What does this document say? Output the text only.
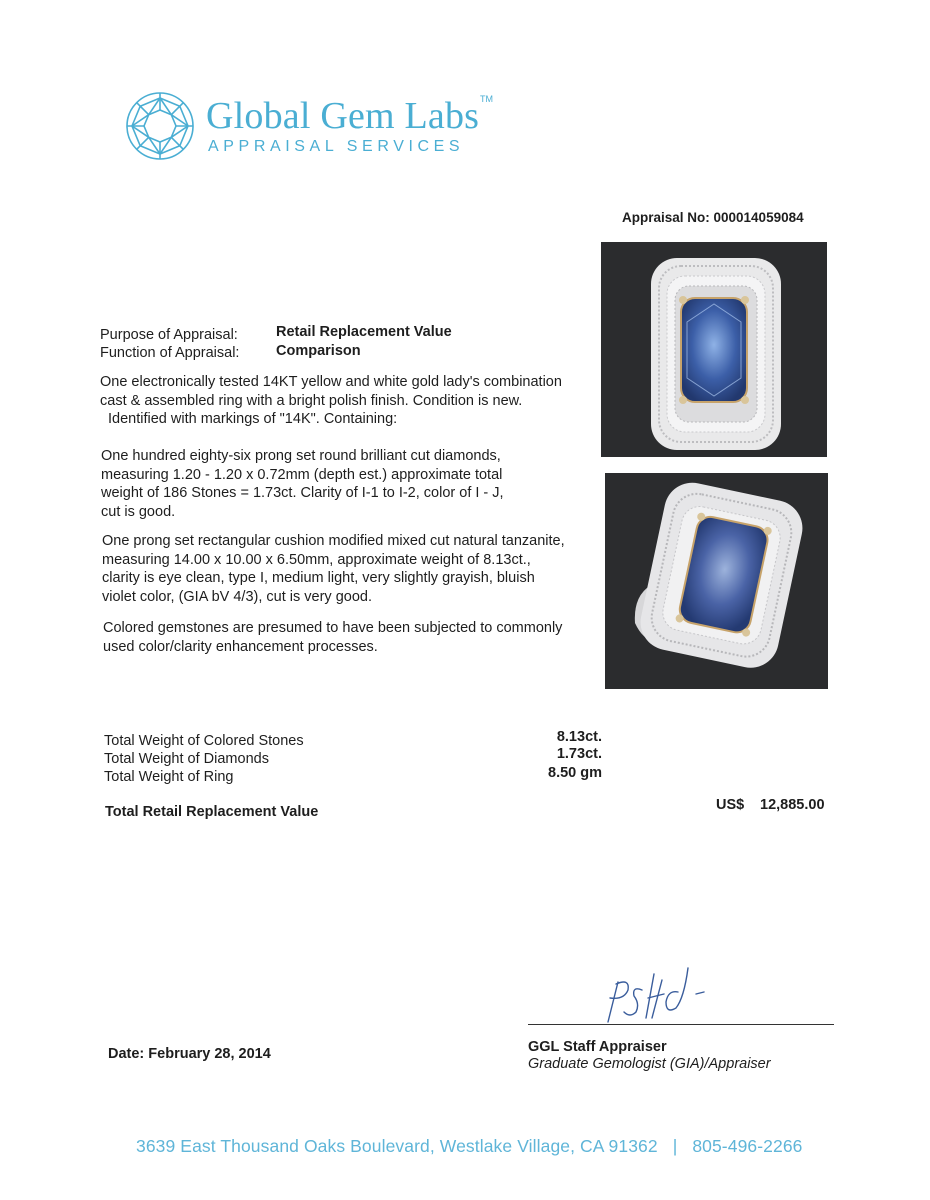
Global Gem Labs TM
APPRAISAL SERVICES
Appraisal No: 000014059084
Purpose of Appraisal:	Retail Replacement Value
Function of Appraisal:	Comparison
One electronically tested 14KT yellow and white gold lady's combination
cast & assembled ring with a bright polish finish. Condition is new.
Identified with markings of "14K". Containing:
One hundred eighty-six prong set round brilliant cut diamonds,
measuring 1.20 - 1.20 x 0.72mm (depth est.) approximate total
weight of 186 Stones = 1.73ct. Clarity of I-1 to I-2, color of I - J,
cut is good.
One prong set rectangular cushion modified mixed cut natural tanzanite,
measuring 14.00 x 10.00 x 6.50mm, approximate weight of 8.13ct.,
clarity is eye clean, type I, medium light, very slightly grayish, bluish
violet color, (GIA bV 4/3), cut is very good.
Colored gemstones are presumed to have been subjected to commonly
used color/clarity enhancement processes.
Total Weight of Colored Stones	8.13ct.
Total Weight of Diamonds	1.73ct.
Total Weight of Ring	8.50 gm
Total Retail Replacement Value	US$ 12,885.00
GGL Staff Appraiser
Graduate Gemologist (GIA)/Appraiser
Date: February 28, 2014
3639 East Thousand Oaks Boulevard, Westlake Village, CA 91362 | 805-496-2266
